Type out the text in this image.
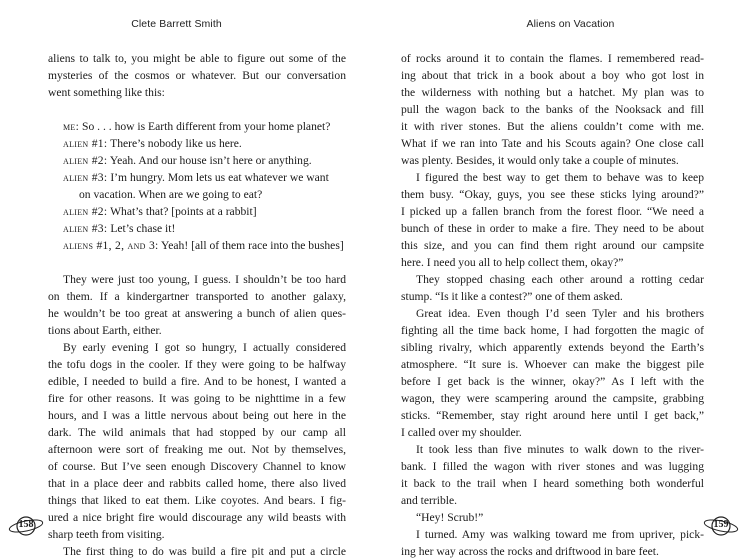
Clete Barrett Smith
aliens to talk to, you might be able to figure out some of the
mysteries of the cosmos or whatever. But our conversation
went something like this:
me: So . . . how is Earth different from your home planet?
alien #1: There’s nobody like us here.
alien #2: Yeah. And our house isn’t here or anything.
alien #3: I’m hungry. Mom lets us eat whatever we want
on vacation. When are we going to eat?
alien #2: What’s that? [points at a rabbit]
alien #3: Let’s chase it!
aliens #1, 2, and 3: Yeah! [all of them race into the bushes]
They were just too young, I guess. I shouldn’t be too hard
on them. If a kindergartner transported to another galaxy,
he wouldn’t be too great at answering a bunch of alien ques-
tions about Earth, either.
By early evening I got so hungry, I actually considered
the tofu dogs in the cooler. If they were going to be halfway
edible, I needed to build a fire. And to be honest, I wanted a
fire for other reasons. It was going to be nighttime in a few
hours, and I was a little nervous about being out here in the
dark. The wild animals that had stopped by our camp all
afternoon were sort of freaking me out. Not by themselves,
of course. But I’ve seen enough Discovery Channel to know
that in a place deer and rabbits called home, there also lived
things that liked to eat them. Like coyotes. And bears. I fig-
ured a nice bright fire would discourage any wild beasts with
sharp teeth from visiting.
The first thing to do was build a fire pit and put a circle
158
Aliens on Vacation
of rocks around it to contain the flames. I remembered read-
ing about that trick in a book about a boy who got lost in
the wilderness with nothing but a hatchet. My plan was to
pull the wagon back to the banks of the Nooksack and fill
it with river stones. But the aliens couldn’t come with me.
What if we ran into Tate and his Scouts again? One close call
was plenty. Besides, it would only take a couple of minutes.
I figured the best way to get them to behave was to keep
them busy. “Okay, guys, you see these sticks lying around?”
I picked up a fallen branch from the forest floor. “We need a
bunch of these in order to make a fire. They need to be about
this size, and you can find them right around our campsite
here. I need you all to help collect them, okay?”
They stopped chasing each other around a rotting cedar
stump. “Is it like a contest?” one of them asked.
Great idea. Even though I’d seen Tyler and his brothers
fighting all the time back home, I had forgotten the magic of
sibling rivalry, which apparently extends beyond the Earth’s
atmosphere. “It sure is. Whoever can make the biggest pile
before I get back is the winner, okay?” As I left with the
wagon, they were scampering around the campsite, grabbing
sticks. “Remember, stay right around here until I get back,”
I called over my shoulder.
It took less than five minutes to walk down to the river-
bank. I filled the wagon with river stones and was lugging
it back to the trail when I heard something both wonderful
and terrible.
“Hey! Scrub!”
I turned. Amy was walking toward me from upriver, pick-
ing her way across the rocks and driftwood in bare feet.
159
